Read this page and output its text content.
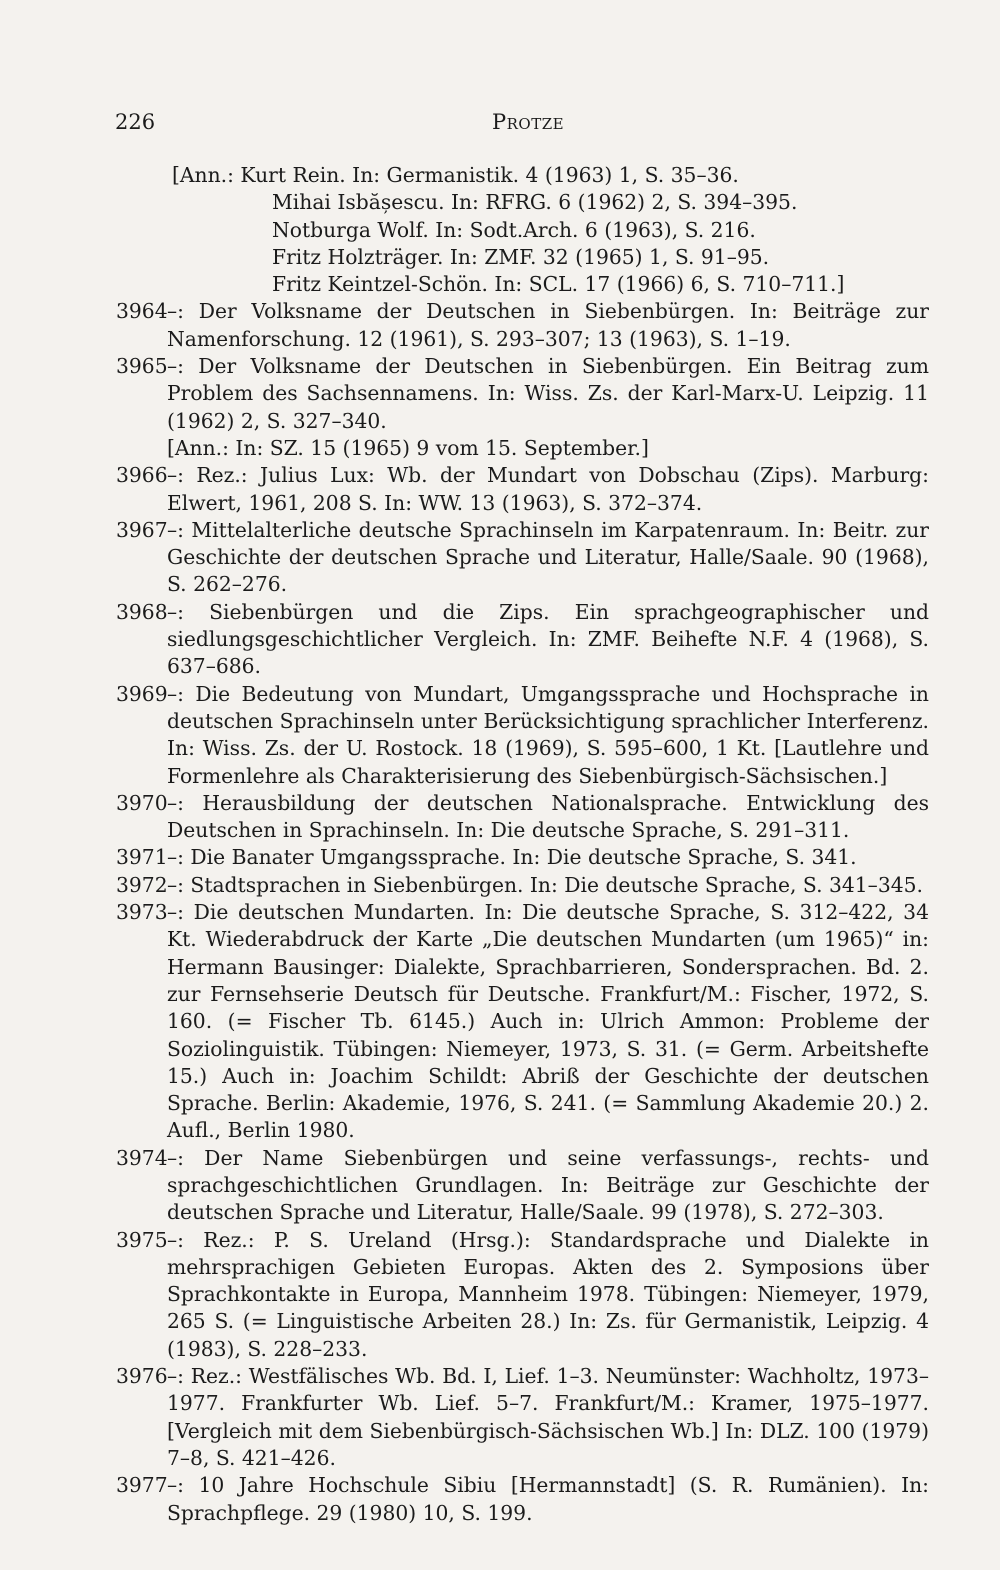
226	Protze
[Ann.: Kurt Rein. In: Germanistik. 4 (1963) 1, S. 35–36.
Mihai Isbășescu. In: RFRG. 6 (1962) 2, S. 394–395.
Notburga Wolf. In: Sodt.Arch. 6 (1963), S. 216.
Fritz Holzträger. In: ZMF. 32 (1965) 1, S. 91–95.
Fritz Keintzel-Schön. In: SCL. 17 (1966) 6, S. 710–711.]
3964 –: Der Volksname der Deutschen in Siebenbürgen. In: Beiträge zur Namenforschung. 12 (1961), S. 293–307; 13 (1963), S. 1–19.
3965 –: Der Volksname der Deutschen in Siebenbürgen. Ein Beitrag zum Problem des Sachsennamens. In: Wiss. Zs. der Karl-Marx-U. Leipzig. 11 (1962) 2, S. 327–340.
[Ann.: In: SZ. 15 (1965) 9 vom 15. September.]
3966 –: Rez.: Julius Lux: Wb. der Mundart von Dobschau (Zips). Marburg: Elwert, 1961, 208 S. In: WW. 13 (1963), S. 372–374.
3967 –: Mittelalterliche deutsche Sprachinseln im Karpatenraum. In: Beitr. zur Geschichte der deutschen Sprache und Literatur, Halle/Saale. 90 (1968), S. 262–276.
3968 –: Siebenbürgen und die Zips. Ein sprachgeographischer und siedlungsgeschichtlicher Vergleich. In: ZMF. Beihefte N.F. 4 (1968), S. 637–686.
3969 –: Die Bedeutung von Mundart, Umgangssprache und Hochsprache in deutschen Sprachinseln unter Berücksichtigung sprachlicher Interferenz. In: Wiss. Zs. der U. Rostock. 18 (1969), S. 595–600, 1 Kt. [Lautlehre und Formenlehre als Charakterisierung des Siebenbürgisch-Sächsischen.]
3970 –: Herausbildung der deutschen Nationalsprache. Entwicklung des Deutschen in Sprachinseln. In: Die deutsche Sprache, S. 291–311.
3971 –: Die Banater Umgangssprache. In: Die deutsche Sprache, S. 341.
3972 –: Stadtsprachen in Siebenbürgen. In: Die deutsche Sprache, S. 341–345.
3973 –: Die deutschen Mundarten. In: Die deutsche Sprache, S. 312–422, 34 Kt. Wiederabdruck der Karte „Die deutschen Mundarten (um 1965)“ in: Hermann Bausinger: Dialekte, Sprachbarrieren, Sondersprachen. Bd. 2. zur Fernsehserie Deutsch für Deutsche. Frankfurt/M.: Fischer, 1972, S. 160. (= Fischer Tb. 6145.) Auch in: Ulrich Ammon: Probleme der Soziolinguistik. Tübingen: Niemeyer, 1973, S. 31. (= Germ. Arbeitshefte 15.) Auch in: Joachim Schildt: Abriß der Geschichte der deutschen Sprache. Berlin: Akademie, 1976, S. 241. (= Sammlung Akademie 20.) 2. Aufl., Berlin 1980.
3974 –: Der Name Siebenbürgen und seine verfassungs-, rechts- und sprachgeschichtlichen Grundlagen. In: Beiträge zur Geschichte der deutschen Sprache und Literatur, Halle/Saale. 99 (1978), S. 272–303.
3975 –: Rez.: P. S. Ureland (Hrsg.): Standardsprache und Dialekte in mehrsprachigen Gebieten Europas. Akten des 2. Symposions über Sprachkontakte in Europa, Mannheim 1978. Tübingen: Niemeyer, 1979, 265 S. (= Linguistische Arbeiten 28.) In: Zs. für Germanistik, Leipzig. 4 (1983), S. 228–233.
3976 –: Rez.: Westfälisches Wb. Bd. I, Lief. 1–3. Neumünster: Wachholtz, 1973–1977. Frankfurter Wb. Lief. 5–7. Frankfurt/M.: Kramer, 1975–1977. [Vergleich mit dem Siebenbürgisch-Sächsischen Wb.] In: DLZ. 100 (1979) 7–8, S. 421–426.
3977 –: 10 Jahre Hochschule Sibiu [Hermannstadt] (S. R. Rumänien). In: Sprachpflege. 29 (1980) 10, S. 199.
